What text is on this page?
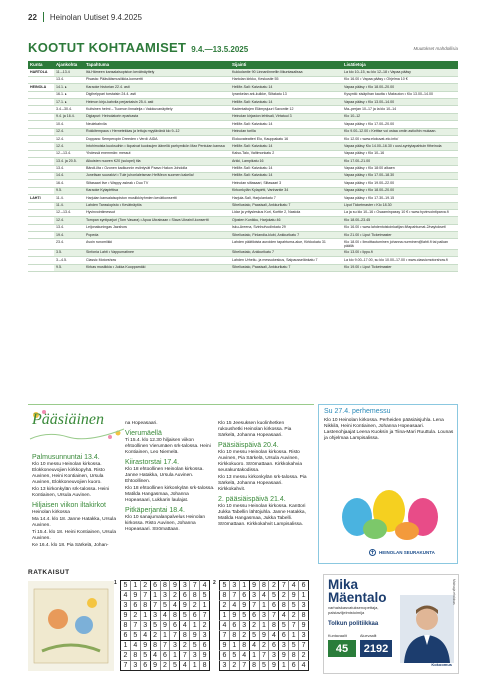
22 Heinolan Uutiset 9.4.2025
KOOTUT KOHTAAMISET 9.4.—13.5.2025	Muutokset mahdollisia
Kunta	Ajankohta	Tapahtuma	Sijainti	Lisätietoja
HARTOLA	11.–13.4	Itä-Hämeen kansalaisopiston kevätnäyttely	Kukkolantie 90 Linnanlinnellin liikuntasalissa	La klo 10–15, su klo 12–18 • Vapaa pääsy
	13.4.	Pisasta: Pääsiäismusiikkia-konsertti	Hartolan kirkko, Keskustie 55	Klo 16.00 • Vapaa pääsy • Ohjelma 10 €
HEINOLA	14.1. ▸	Karaoke historian 22.4. asti	HelMe-Sali: Kaivokatu 14	Vapaa pääsy • Klo 18.00–20.00
	16.1. ▸	Digihelppari torstaisin 24.4. asti	Iyrankelan ark-kulkke, Siltakatu 13	Kysyntä: sisäpihan kautta • Maksuton • Klo 13.00–14.00
	17.1. ▸	Heimon kirjo-kahvila perjantaisin 25.4. asti	HelMe-Sali: Kaivokatu 14	Vapaa pääsy • Klo 13.00–14.00
	3.4.–30.4.	Kuitsinen helmi – Tuomon linnaleija • Valokuvanäyttely	Kadentaitojen Elämysjuuri Savontie 12	Ma–perjan 10–17 ja la klo 10–14
	9.4. ja 16.4.	Digiapuri: Heinolatorin eparkasta	Heinolan kirjaston lehtisali, Virtatuul 3	Klo 10–12
	10.4.	Neulekahvila	HelMe-Sali: Kaivokatu 14	Vapaa pääsy • Klo 17.00–20.00
	12.4.	Rokkitempaus • Hernetekkas ja lettuja myytävänä klo 9–12	Heinolan torilla	Klo 9.00–12.00 • Kettise voi ostaa omiin astioihin mukaan.
	12.4.	Doppara: Semperopin Dreeden • Verdi: AIDA	Elokuvateatteri Elo, Kauppakatu 16	Klo 12.00 • www.elokuvat-elo.info/
	12.4.	Intohimoista kuoksuihin • Ilopaivat kuoksujen äänellä parhymikön Max Pentulan kanssa	HelMe-Sali: Kaivokatu 14	Vapaa pääsy Klo 14.00–16.30 • uusi-syntytapahtuin fitheinola
	12.–13.4.	Yhdessä enemmän: messut	Kalso-Talo, Valtimonkatu 2	Vapaa pääsy • Klo 10–16
	13.4. ja 20.5.	Aikuisten nuoren K20 (sulopel) tila	Arkki, Lampikatu 16	Klo 17.00–21.00
	13.4.	Bändi-ilta • Ozonen kadkunnin esiintyvät Paavo Hakon Johdolla	HelMe-Sali: Kaivokatu 14	Vapaa pääsy • Klo 18:00 alkaen
	14.4.	Junelisan suurakivi • Tule juhonlaleisman HelMeon suomen kakelia!	HelMe-Sali: Kaivokatu 14	Vapaa pääsy • Klo 17.00–18.30
	16.4.	Siltasaari live • Wappy asleak • Duo TV	Heinolan siltasaari, Siltasaari 3	Vapaa pääsy • Klo 19.00–22.00
	9.5.	Karaoke Kylapirttisa	Kirkonkylän Kylapirtti, Vanhantie 34	Vapaa pääsy • Klo 18.00–20.00
LAHTI	11.4.	Harjulan kansalaisopiston musiikkiryhmien kevätkonsertti	Harjula-Sali, Harjulankatu 7	Vapaa pääsy • Klo 17.30–19.15
	11.4.	Lahden Tanssiopisto • Kevätnäytös	Sibeliustalo, Paasisali, Ankkurikatu 7	Liput Ticketmaster • Klo 18.30
	12.–13.4.	Hyvinvointimessut	Lidar ja yritysleskus Kori, Korttie 2, Nastola	La ja su klo 10–16 • Osaaminpassy 10 € • www.hyvinvointiparva.fi
	12.4.	Tompan syntiparjuri (Tom Vasara) • Apua Ukrainaan • Slava Ukraini!-konsertti	Ojosten Kunikku, Harjokatu 46	Klo 18.00–23.45
	13.4.	Leijonakuningas Jazshow	Isku-Areena, Svinhufvudinkatu 29	Klo 16.00 • www.lahdentoistoinkatijan.fi/tapahtumat-2/naytokset/
	19.4.	Popeda	Sibeliustalo, Finlandia-klubi, Ankkurikatu 7	Klo 21.00 • Liput Ticketmaster
	23.4.	Avoin runomiikki	Lahden päätiloista auroiden tapahtuma-alue, Kirkkokatu 31	Klo 18.00 • Ilmoittautuminen johanna.nurminen@lahti.fi tai paikan päällä
	3.5.	Sinfonia Lahti • Vappumatinee	Sibeliustalo, Ankkurikatu 7	Klo 13.00 • lippu.fi
	3.–4.5.	Classic Motorshow	Lahden Urheilu- ja messukeskus, Salpausselänkatu 7	La klo 9.00–17.00, su klo 10.00–17.00 • www.classicmotorshow.fi
	9.5.	Kirkas musiikkia • Jukka Kuoppamäki	Sibeliustalo, Paasisali, Ankkurikatu 7	Klo 19.00 • Liput Ticketmaster
Pääsiäinen
Palmusunnuntai 13.4.

Klo 10 messu Heinolan kirkossa. Elokkoneuvojien kirkkopyhä. Risto Auvinen, Heini Kontiainen, Ursula Auvinen, Elokkoneuvojien kuoro.

Klo 13 kirkonkylän srk-talossa. Heini Kontiainen, Ursula Auvinen.

Hiljaisen viikon iltakirkot

Heinolan kirkossa

Ma 14.4. klo 18. Janne Hatakka, Ursula Auvinen.

Ti 15.4. klo 18. Heini Kontiainen, Ursula Auvinen.

Ke 16.4. klo 18. Pia Särkelä, Johan-

na Hopeasaari.

Vierumäellä

Ti 15.4. klo 12.30 hiljaisen viikon ehtoollinen Vierumäen srk-talossa. Heini Kontiainen, Leo Niemelä.

Kiirastorstai 17.4.

Klo 18 ehtoollinen Heinolan kirkossa. Janne Hatakka, Ursula Auvinen. Ehtoollinen.

Klo 18 ehtoollinen kirkonkylän srk-talossa. Matilda Hangasmaa, Johanna Hopeasaari, Lukkarin laulajat.

Pitkäperjantai 18.4.

Klo 10 sanajumalanpalvelus Heinolan kirkossa. Risto Auvinen, Johanna Hopeasaari. Strömattaan.

Klo 15 Jeesuksen kuolinhetken rukoushetki Heinolan kirkossa. Pia Särkelä, Johanna Hopeasaari.

Pääsiäispäivä 20.4.

Klo 10 messu Heinolan kirkossa. Risto Auvinen, Pia Särkelä, Ursula Auvinen, Kirkkokuoro. Strömattaan. Kirkkokahvia seurakuntakodissa.

Klo 13 messu kirkonkylän srk-talossa. Pia Särkelä, Johanna Hopeasaari. Kirkkokahvit.

2. pääsiäispäivä 21.4.

Klo 10 messu Heinolan kirkossa. Kanttori Jukka Tabellin lähtöjuhla. Janne Hatakka, Matilda Hangasmaa, Jukka Tabelli. Strömattaan. Kirkkokahvit Lampisalissa.

Su 27.4. perhemessu
Klo 10 Heinolan kirkossa. Perheiden pääsiäisjuhla. Lena Nikkilä, Heini Kontiainen, Johanna Hopeasaari. Lastenohjaajat Leena Kuoksin ja Tiina-Mari Ruuttula. Lounas ja ohjelmaa Lampisalissa.
✝ HEINOLAN SEURAKUNTA
RATKAISUT
1 5	1	2	6	8	9	3	7	4
4	9	7	1	3	2	6	8	5
3	6	8	7	5	4	9	2	1
9	2	1	3	4	8	5	6	7
8	7	3	5	9	6	4	1	2
6	5	4	2	1	7	8	9	3
1	4	9	8	7	3	2	5	6
2	8	5	4	6	1	7	3	9
7	3	6	9	2	5	4	1	8
2 5	3	1	9	8	2	7	4	6
8	7	6	3	4	5	2	9	1
2	4	9	7	1	6	8	5	3
1	9	5	6	3	7	4	2	8
4	6	3	2	1	8	5	7	9
7	8	2	5	9	4	6	1	3
9	1	8	4	2	6	3	5	7
6	5	4	1	7	3	9	8	2
3	2	7	8	5	9	1	6	4
Mika
Mäentalo
varhaiskasvatuksenopettaja, palstaviljelmistoimija
Tolkun politiikkaa
Kuntavaalit	Aluevaalit
45	2192
Kokoomus
Maksaja ehdokas
